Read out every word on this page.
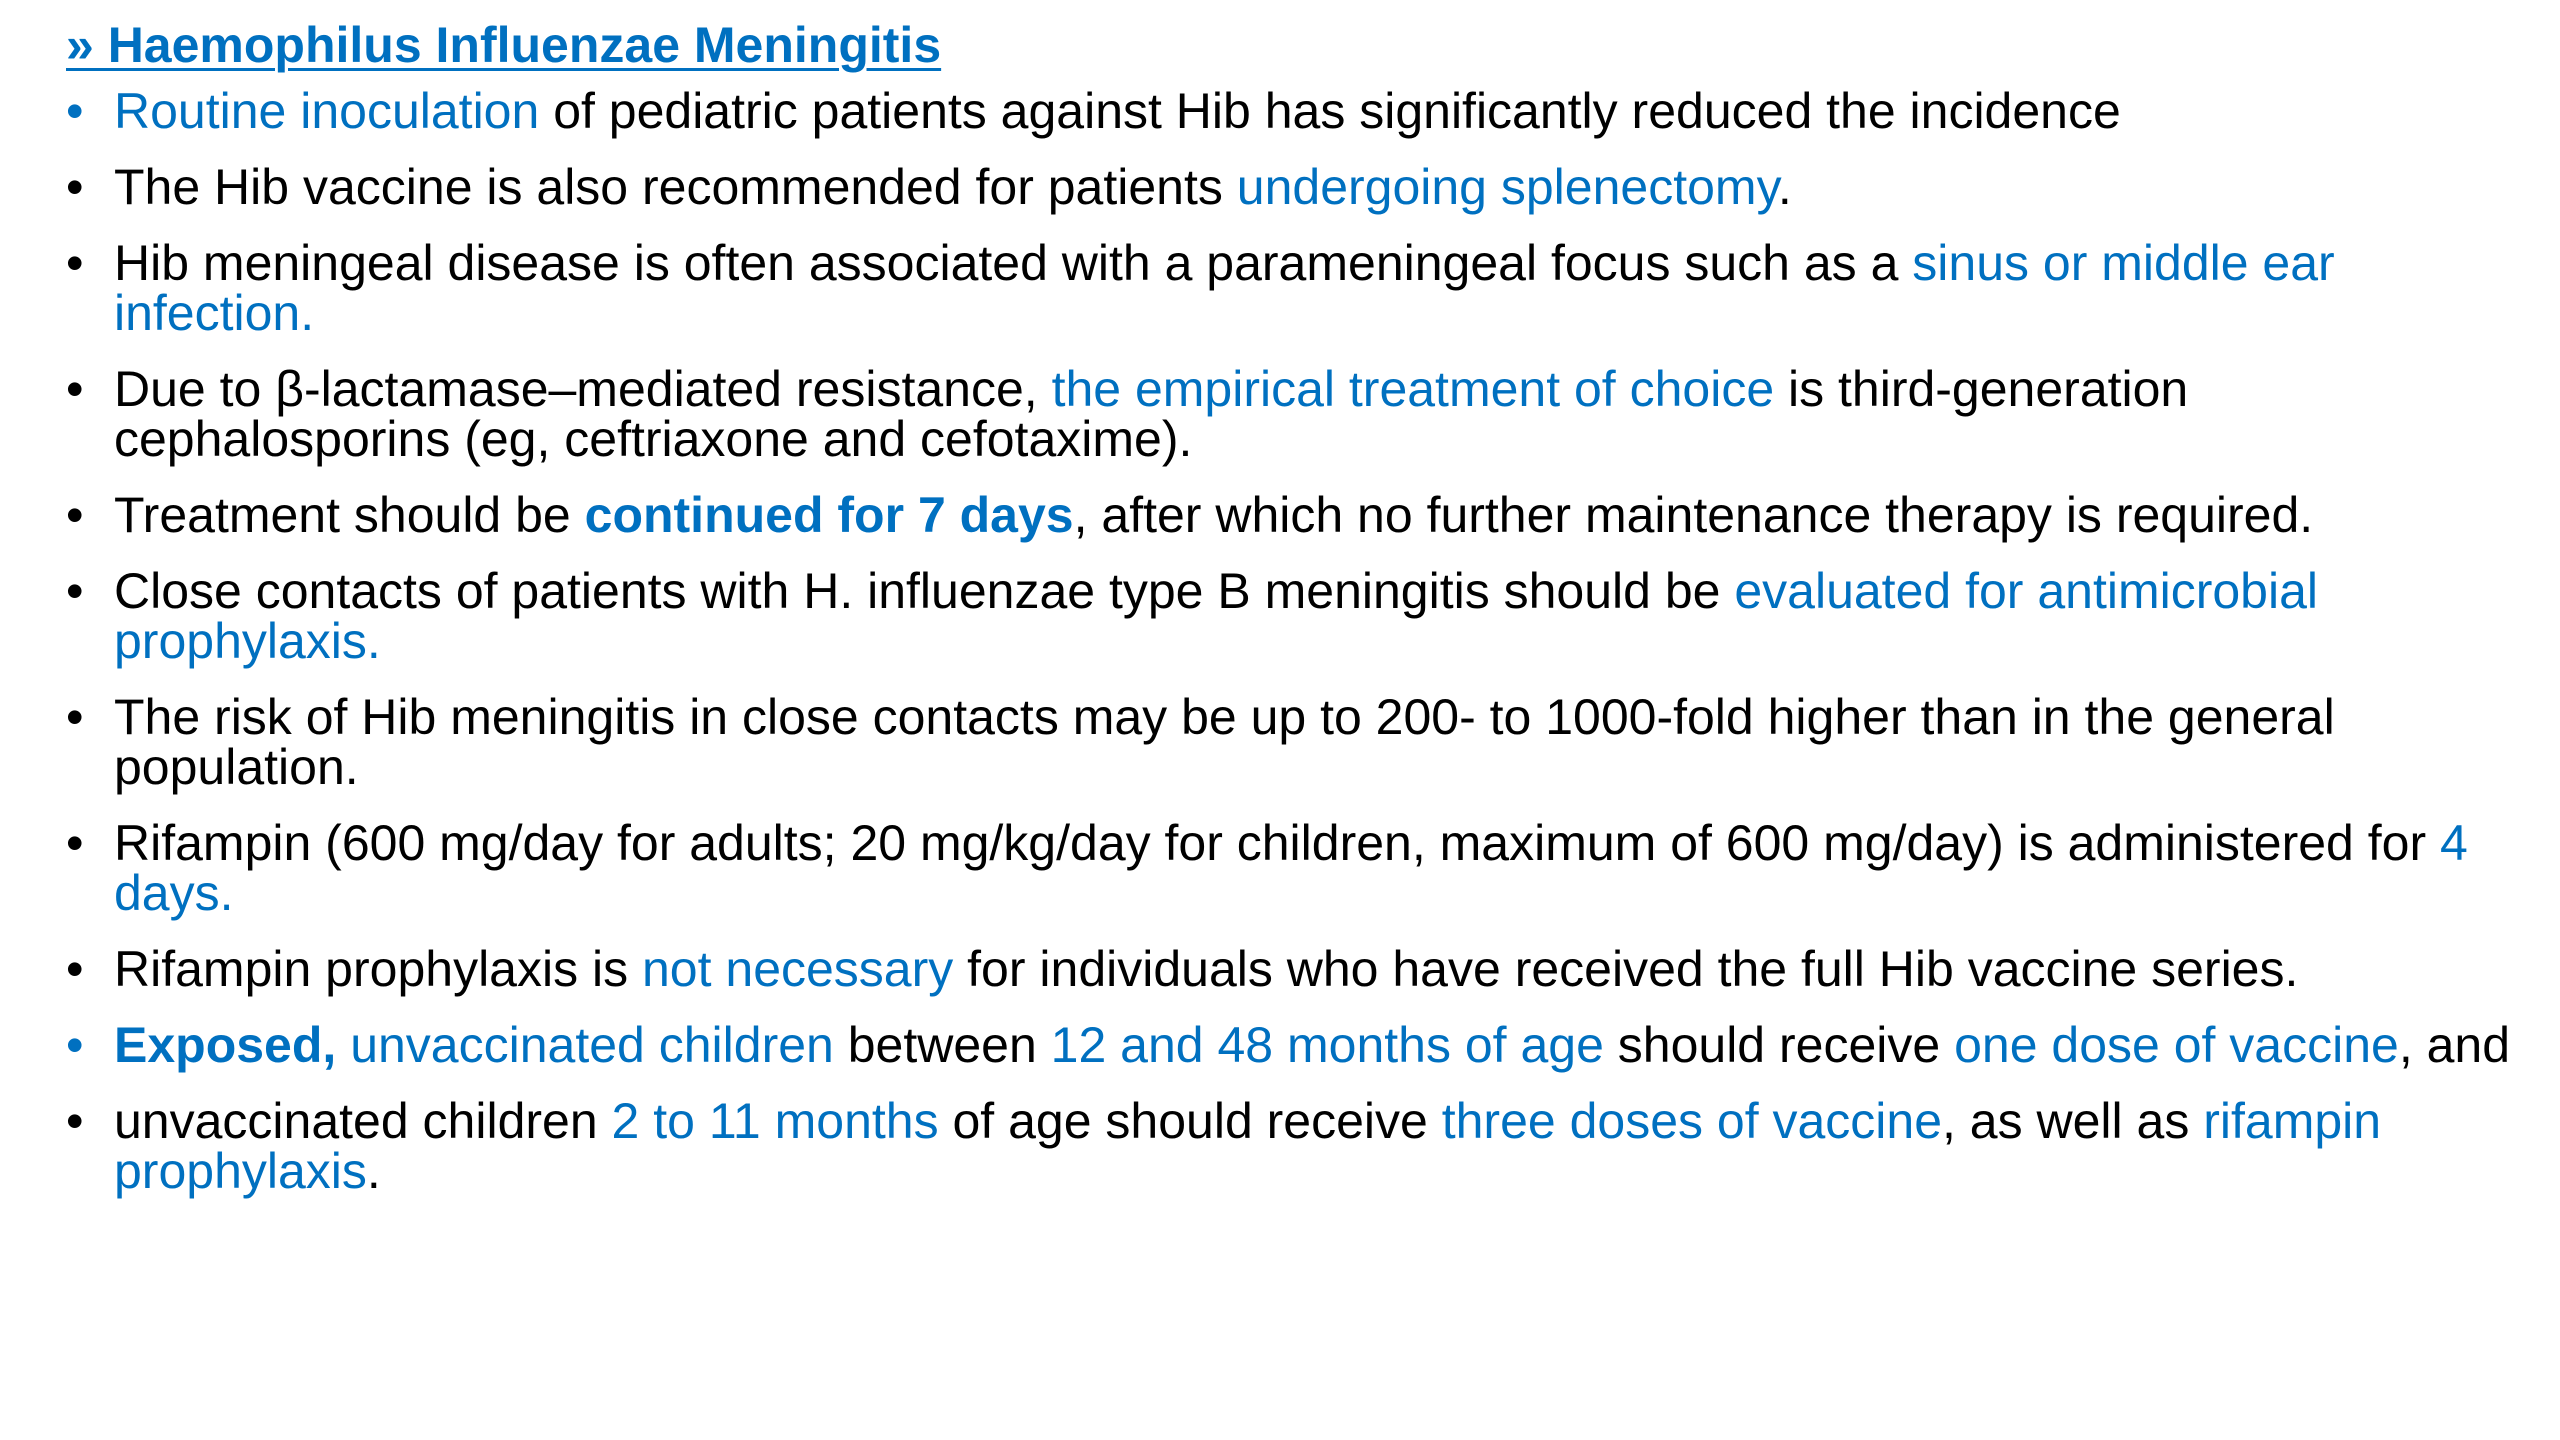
» Haemophilus Influenzae Meningitis
• Routine inoculation of pediatric patients against Hib has significantly reduced the incidence
• The Hib vaccine is also recommended for patients undergoing splenectomy.
• Hib meningeal disease is often associated with a parameningeal focus such as a sinus or middle ear infection.
• Due to β-lactamase–mediated resistance, the empirical treatment of choice is third-generation cephalosporins (eg, ceftriaxone and cefotaxime).
• Treatment should be continued for 7 days, after which no further maintenance therapy is required.
• Close contacts of patients with H. influenzae type B meningitis should be evaluated for antimicrobial prophylaxis.
• The risk of Hib meningitis in close contacts may be up to 200- to 1000-fold higher than in the general population.
• Rifampin (600 mg/day for adults; 20 mg/kg/day for children, maximum of 600 mg/day) is administered for 4 days.
• Rifampin prophylaxis is not necessary for individuals who have received the full Hib vaccine series.
• Exposed, unvaccinated children between 12 and 48 months of age should receive one dose of vaccine, and
• unvaccinated children 2 to 11 months of age should receive three doses of vaccine, as well as rifampin prophylaxis.
